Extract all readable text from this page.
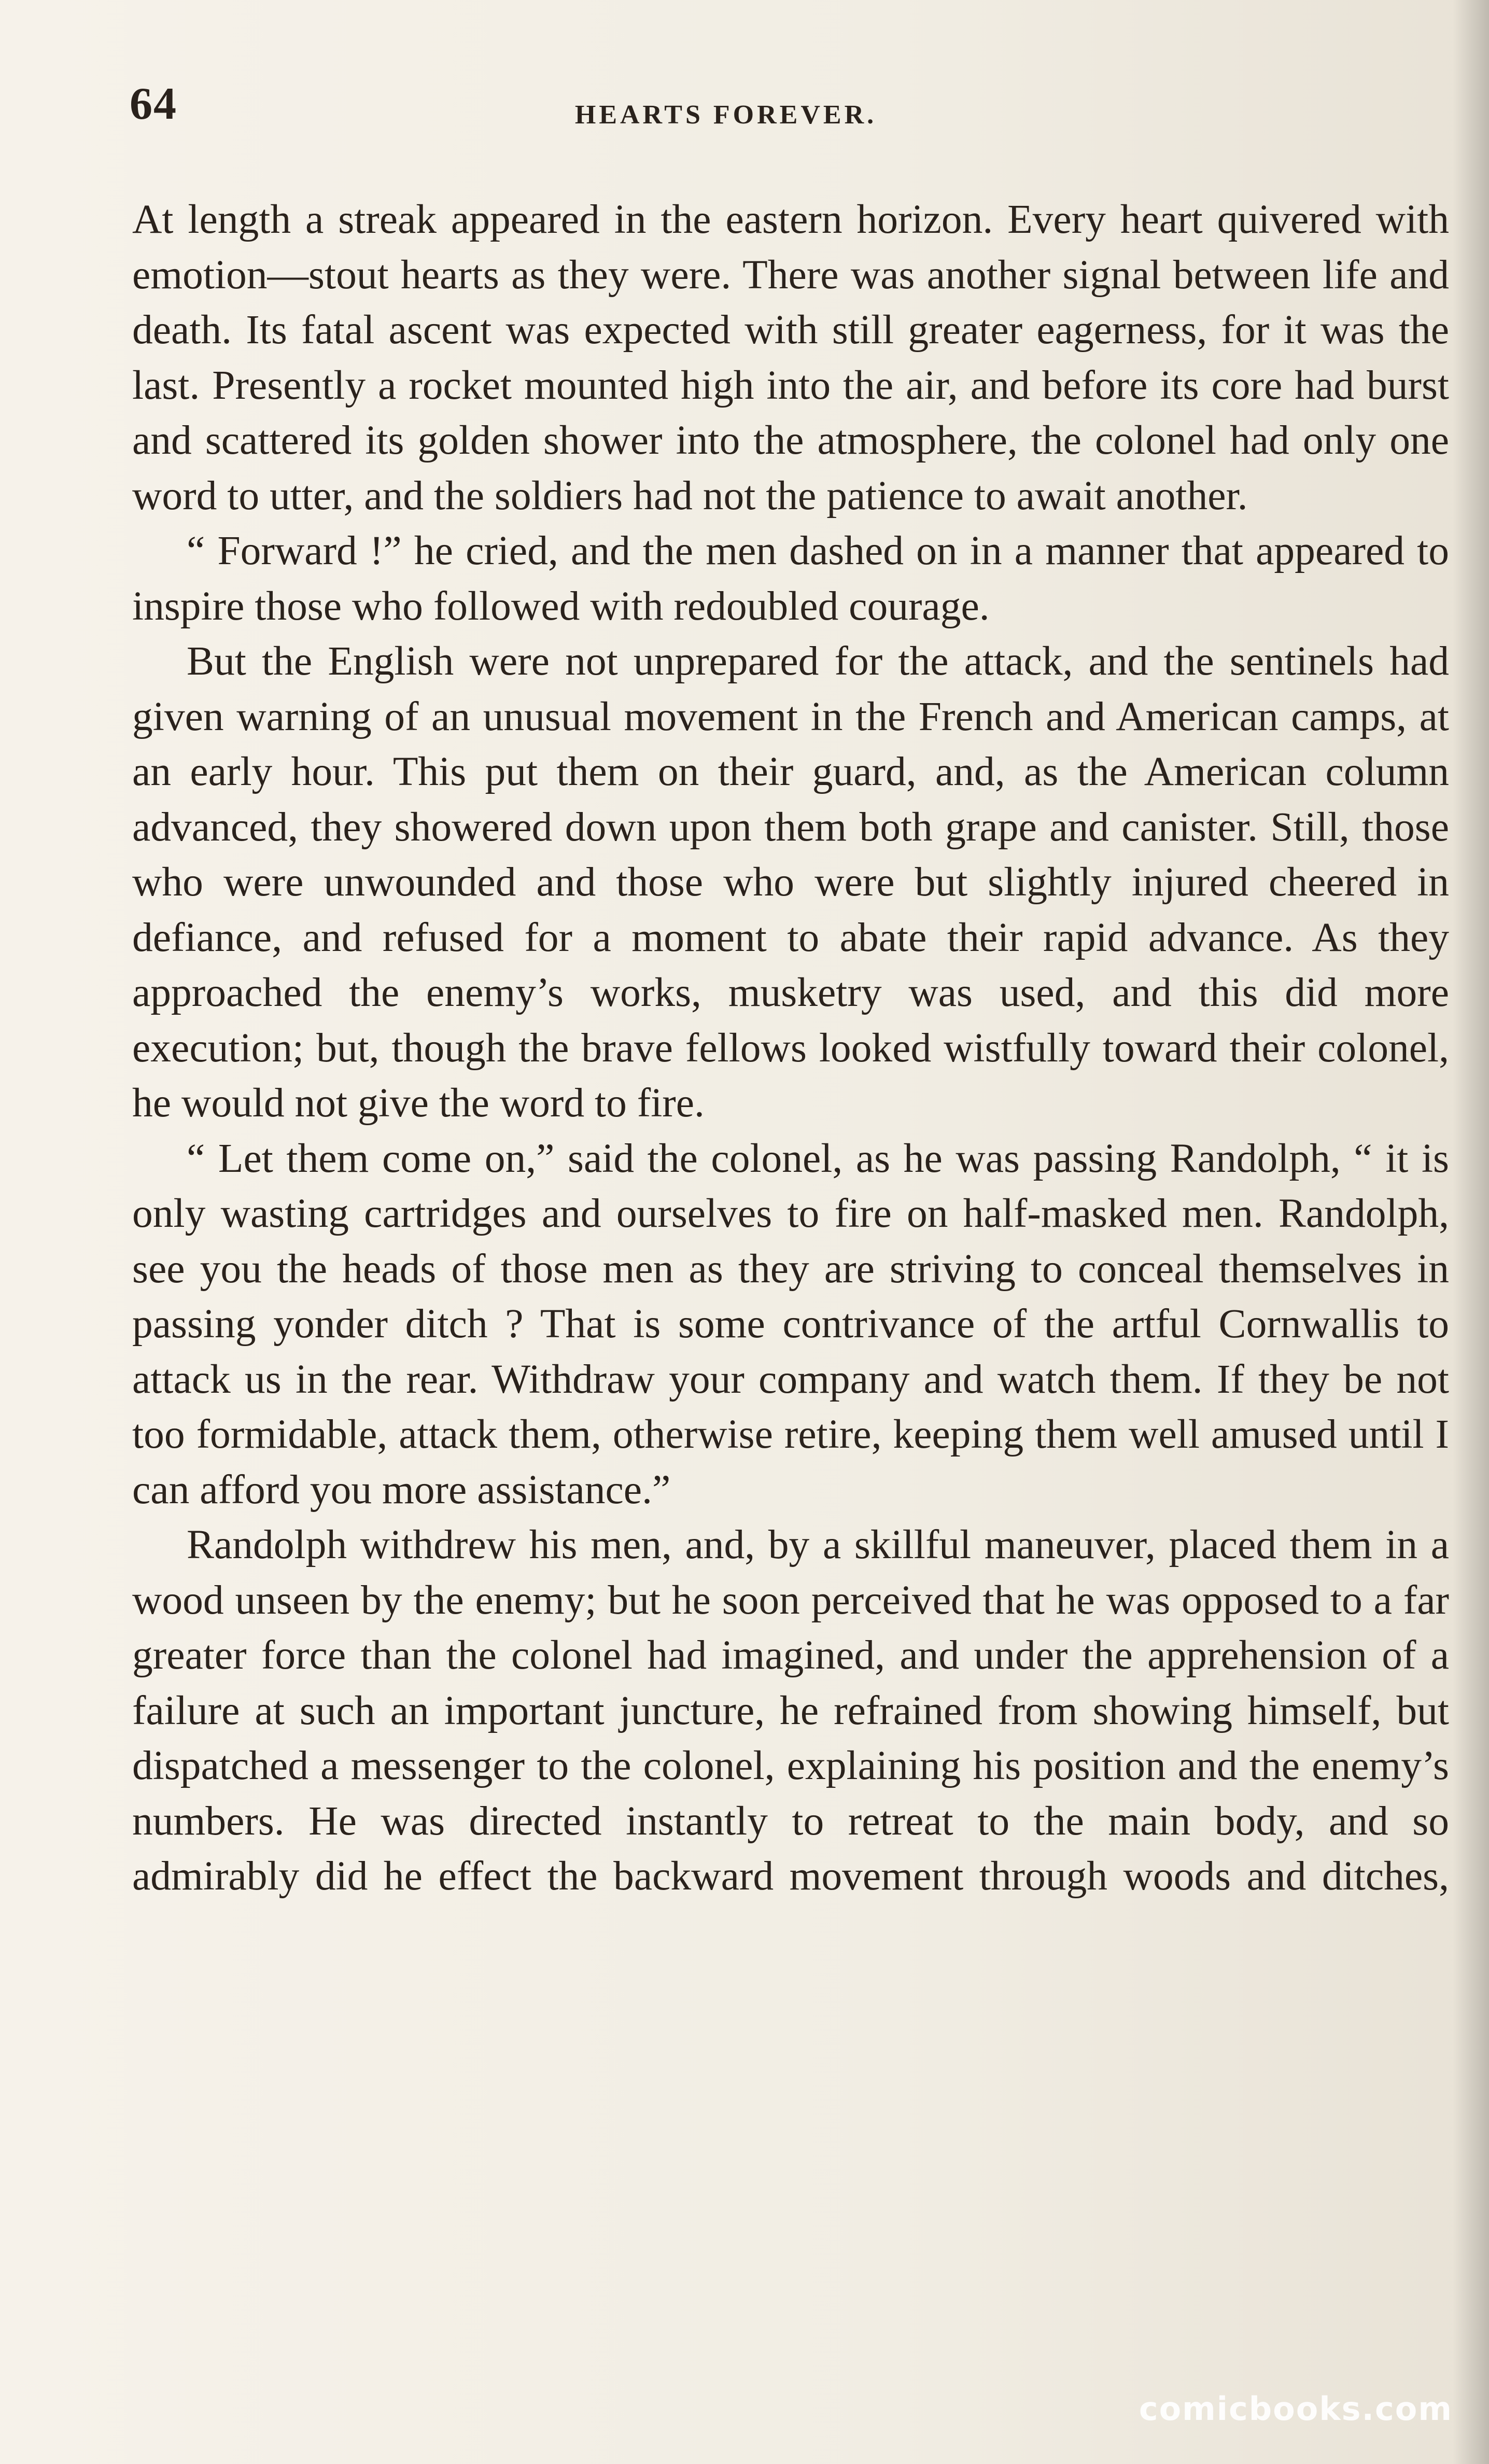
64	HEARTS FOREVER.

At length a streak appeared in the eastern horizon. Every heart quivered with emotion—stout hearts as they were. There was another signal between life and death. Its fatal ascent was expected with still greater eagerness, for it was the last. Presently a rocket mounted high into the air, and before its core had burst and scattered its golden shower into the atmosphere, the colonel had only one word to utter, and the soldiers had not the patience to await another.

“ Forward !” he cried, and the men dashed on in a manner that appeared to inspire those who followed with redoubled courage.

But the English were not unprepared for the attack, and the sentinels had given warning of an unusual movement in the French and American camps, at an early hour. This put them on their guard, and, as the American column advanced, they showered down upon them both grape and canister. Still, those who were unwounded and those who were but slightly injured cheered in defiance, and refused for a moment to abate their rapid advance. As they approached the enemy’s works, musketry was used, and this did more execution; but, though the brave fellows looked wistfully toward their colonel, he would not give the word to fire.

“ Let them come on,” said the colonel, as he was passing Randolph, “ it is only wasting cartridges and ourselves to fire on half-masked men. Randolph, see you the heads of those men as they are striving to conceal themselves in passing yonder ditch ? That is some contrivance of the artful Cornwallis to attack us in the rear. Withdraw your company and watch them. If they be not too formidable, attack them, otherwise retire, keeping them well amused until I can afford you more assistance.”

Randolph withdrew his men, and, by a skillful maneuver, placed them in a wood unseen by the enemy; but he soon perceived that he was opposed to a far greater force than the colonel had imagined, and under the apprehension of a failure at such an important juncture, he refrained from showing himself, but dispatched a messenger to the colonel, explaining his position and the enemy’s numbers. He was directed instantly to retreat to the main body, and so admirably did he effect the backward movement through woods and ditches,

comicbooks.com
